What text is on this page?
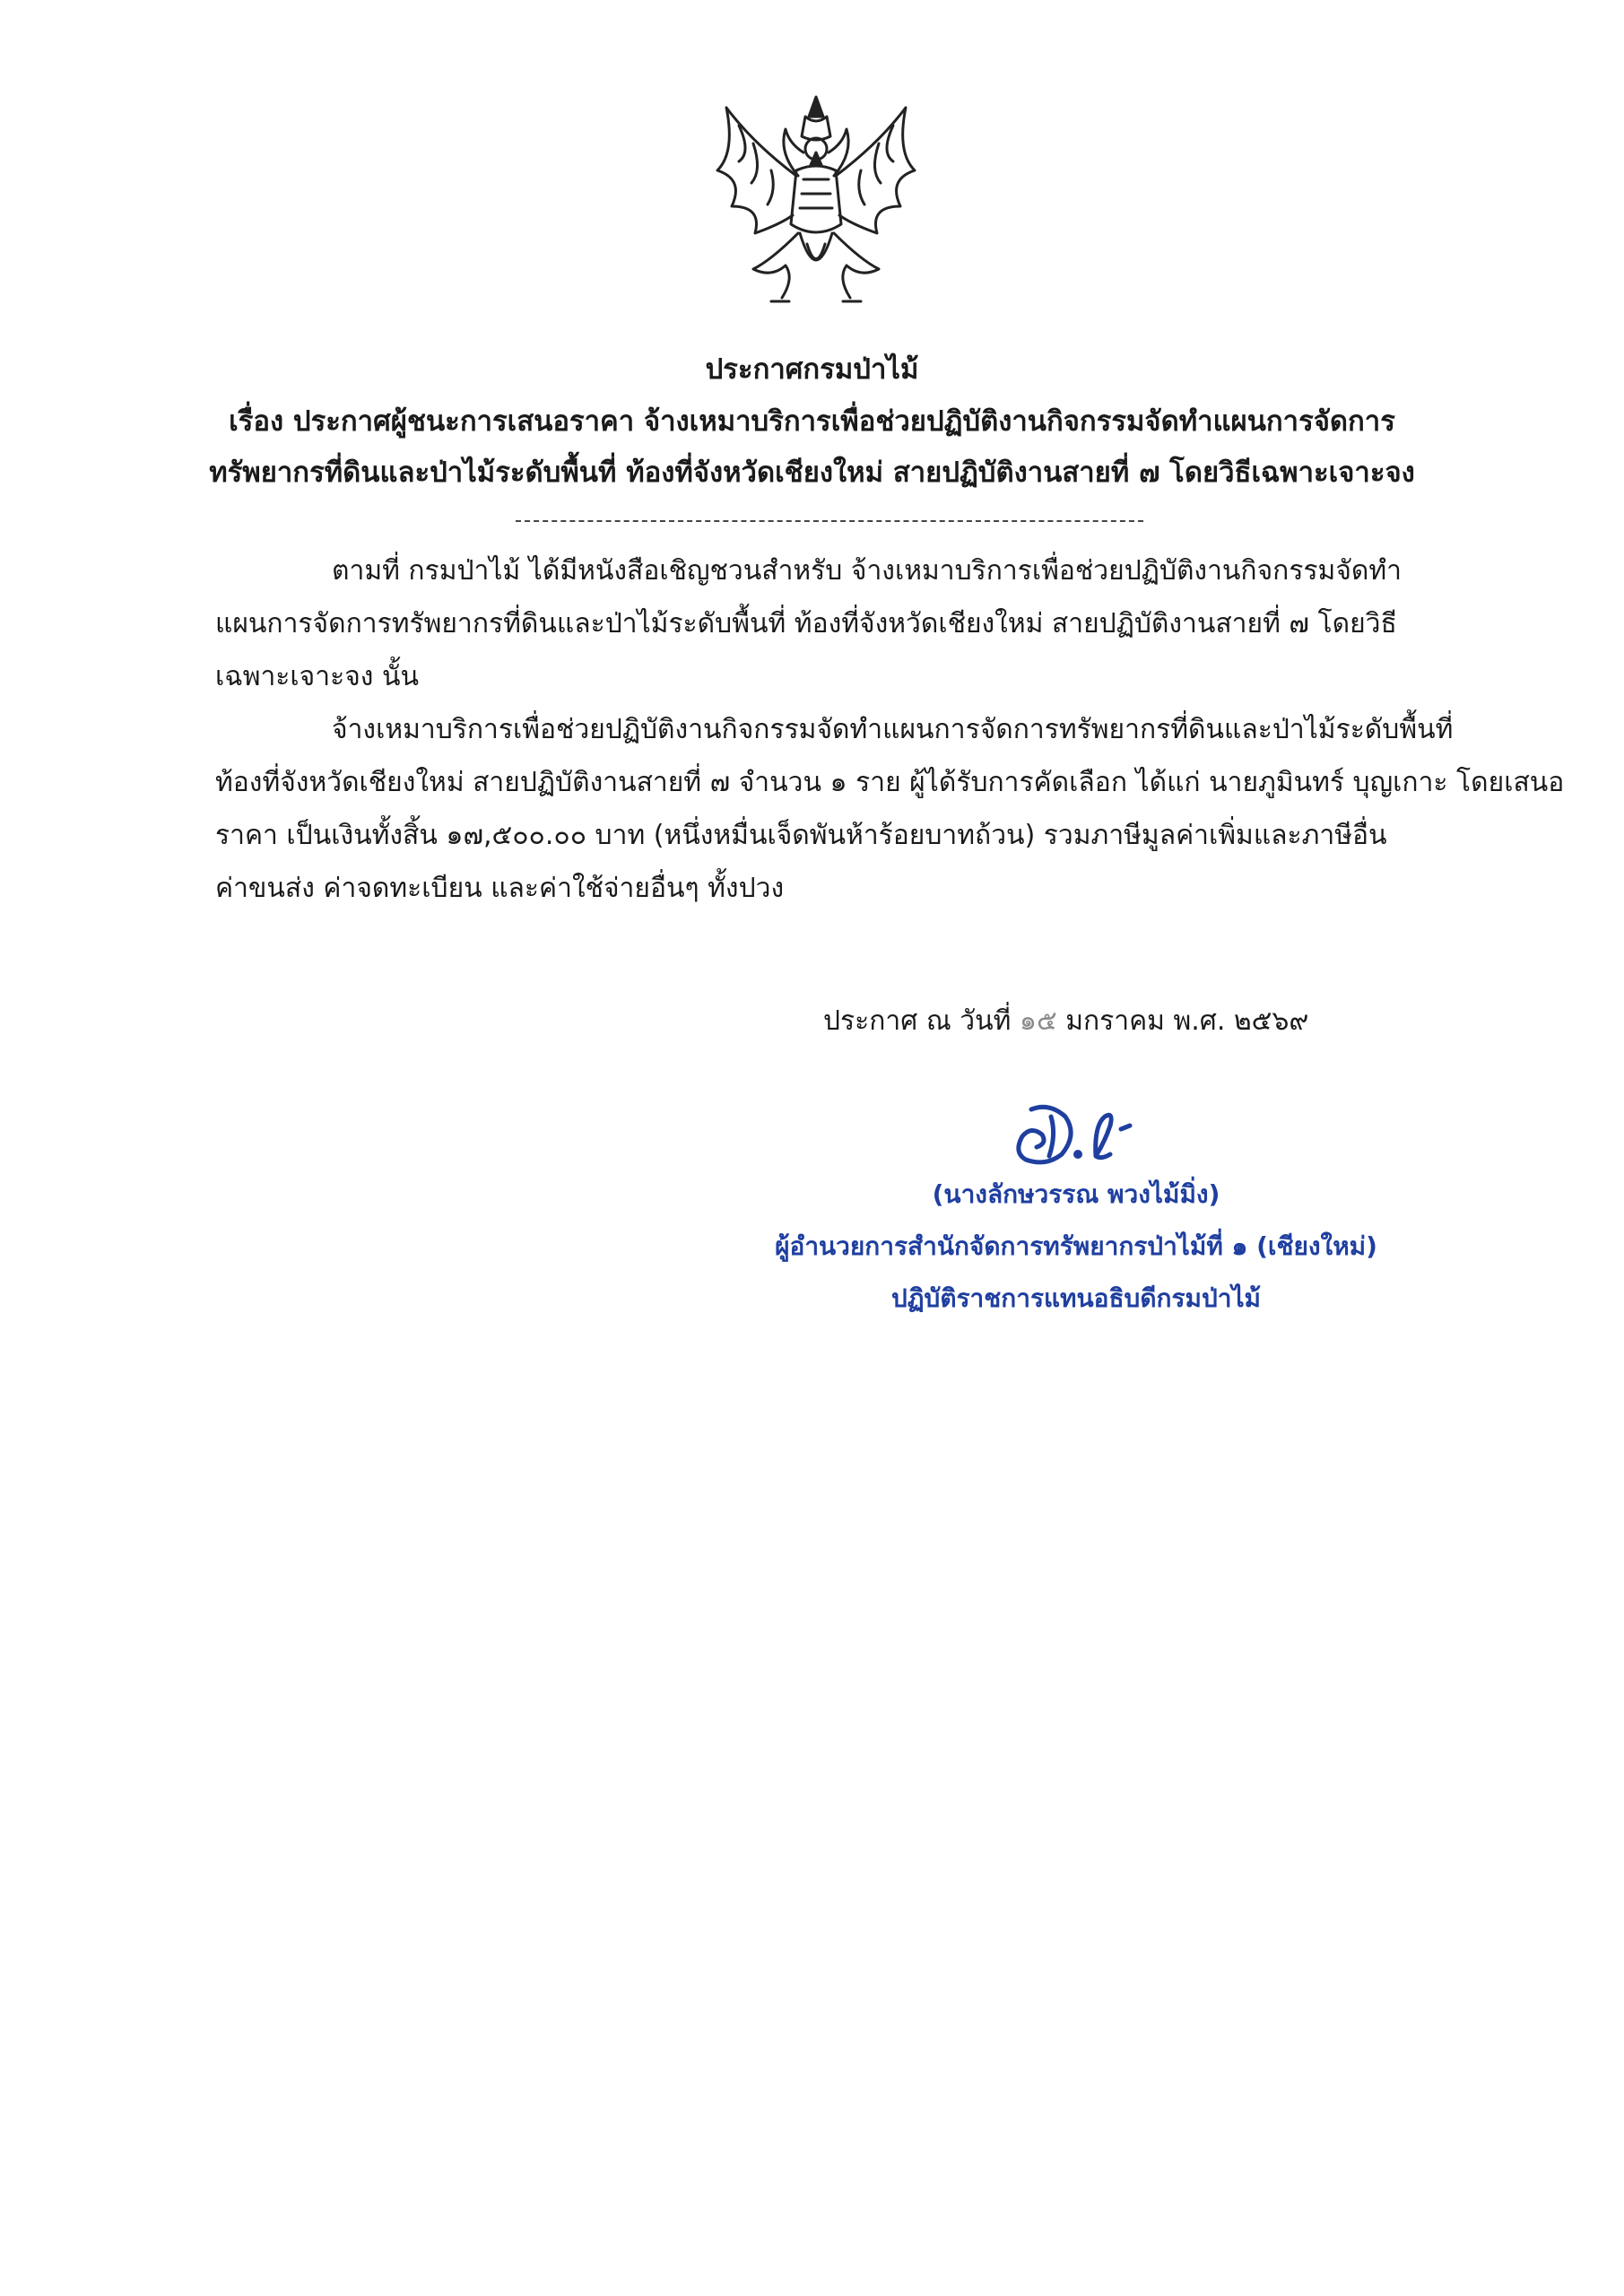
ประกาศกรมป่าไม้
เรื่อง ประกาศผู้ชนะการเสนอราคา จ้างเหมาบริการเพื่อช่วยปฏิบัติงานกิจกรรมจัดทำแผนการจัดการ
ทรัพยากรที่ดินและป่าไม้ระดับพื้นที่ ท้องที่จังหวัดเชียงใหม่ สายปฏิบัติงานสายที่ ๗ โดยวิธีเฉพาะเจาะจง
ตามที่ กรมป่าไม้ ได้มีหนังสือเชิญชวนสำหรับ จ้างเหมาบริการเพื่อช่วยปฏิบัติงานกิจกรรมจัดทำ
แผนการจัดการทรัพยากรที่ดินและป่าไม้ระดับพื้นที่ ท้องที่จังหวัดเชียงใหม่ สายปฏิบัติงานสายที่ ๗ โดยวิธี
เฉพาะเจาะจง นั้น
จ้างเหมาบริการเพื่อช่วยปฏิบัติงานกิจกรรมจัดทำแผนการจัดการทรัพยากรที่ดินและป่าไม้ระดับพื้นที่
ท้องที่จังหวัดเชียงใหม่ สายปฏิบัติงานสายที่ ๗ จำนวน ๑ ราย ผู้ได้รับการคัดเลือก ได้แก่ นายภูมินทร์ บุญเกาะ โดยเสนอ
ราคา เป็นเงินทั้งสิ้น ๑๗,๕๐๐.๐๐ บาท (หนึ่งหมื่นเจ็ดพันห้าร้อยบาทถ้วน) รวมภาษีมูลค่าเพิ่มและภาษีอื่น
ค่าขนส่ง ค่าจดทะเบียน และค่าใช้จ่ายอื่นๆ ทั้งปวง
ประกาศ ณ วันที่ ๑๕ มกราคม พ.ศ. ๒๕๖๙
(นางลักษวรรณ พวงไม้มิ่ง)
ผู้อำนวยการสำนักจัดการทรัพยากรป่าไม้ที่ ๑ (เชียงใหม่)
ปฏิบัติราชการแทนอธิบดีกรมป่าไม้
